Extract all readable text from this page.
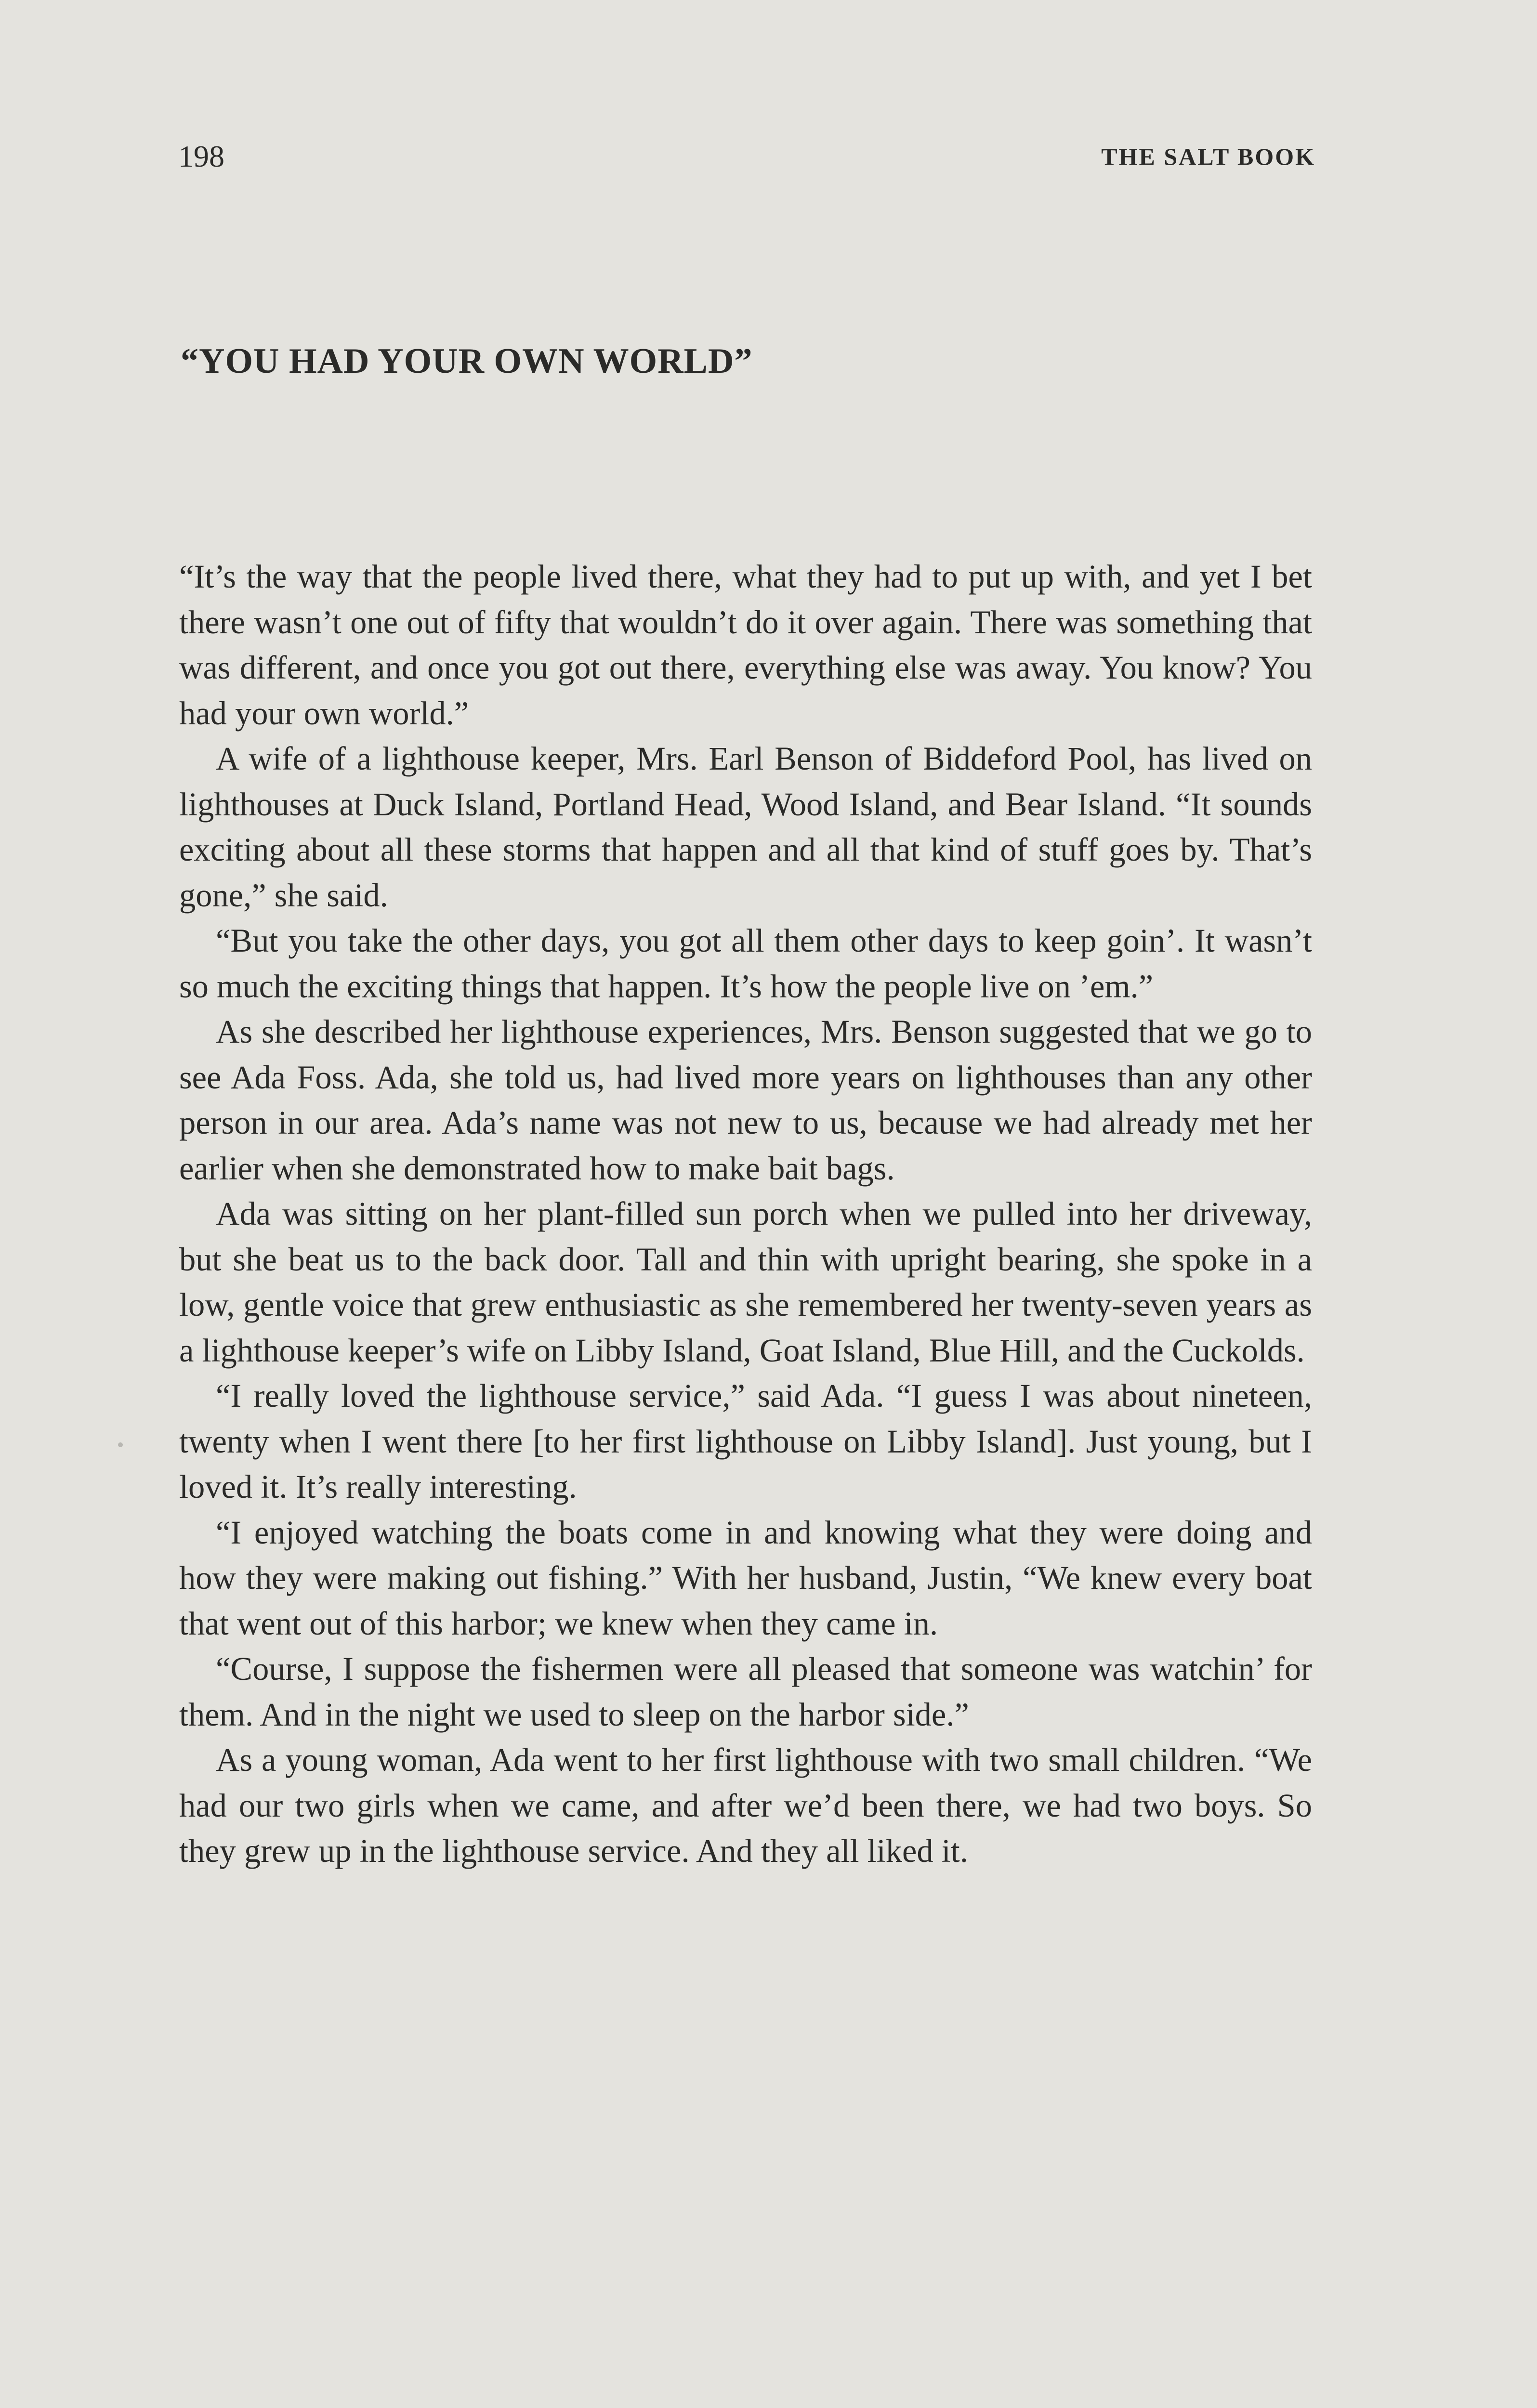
198	THE SALT BOOK
“YOU HAD YOUR OWN WORLD”

“It’s the way that the people lived there, what they had to put up with, and yet I bet there wasn’t one out of fifty that wouldn’t do it over again. There was something that was different, and once you got out there, everything else was away. You know? You had your own world.”

A wife of a lighthouse keeper, Mrs. Earl Benson of Biddeford Pool, has lived on lighthouses at Duck Island, Portland Head, Wood Island, and Bear Island. “It sounds exciting about all these storms that happen and all that kind of stuff goes by. That’s gone,” she said.

“But you take the other days, you got all them other days to keep goin’. It wasn’t so much the exciting things that happen. It’s how the people live on ’em.”

As she described her lighthouse experiences, Mrs. Benson suggested that we go to see Ada Foss. Ada, she told us, had lived more years on lighthouses than any other person in our area. Ada’s name was not new to us, because we had already met her earlier when she demonstrated how to make bait bags.

Ada was sitting on her plant-filled sun porch when we pulled into her driveway, but she beat us to the back door. Tall and thin with upright bearing, she spoke in a low, gentle voice that grew enthusiastic as she remembered her twenty-seven years as a lighthouse keeper’s wife on Libby Island, Goat Island, Blue Hill, and the Cuckolds.

“I really loved the lighthouse service,” said Ada. “I guess I was about nineteen, twenty when I went there [to her first lighthouse on Libby Island]. Just young, but I loved it. It’s really interesting.

“I enjoyed watching the boats come in and knowing what they were doing and how they were making out fishing.” With her husband, Justin, “We knew every boat that went out of this harbor; we knew when they came in.

“Course, I suppose the fishermen were all pleased that someone was watchin’ for them. And in the night we used to sleep on the harbor side.”

As a young woman, Ada went to her first lighthouse with two small children. “We had our two girls when we came, and after we’d been there, we had two boys. So they grew up in the lighthouse service. And they all liked it.
